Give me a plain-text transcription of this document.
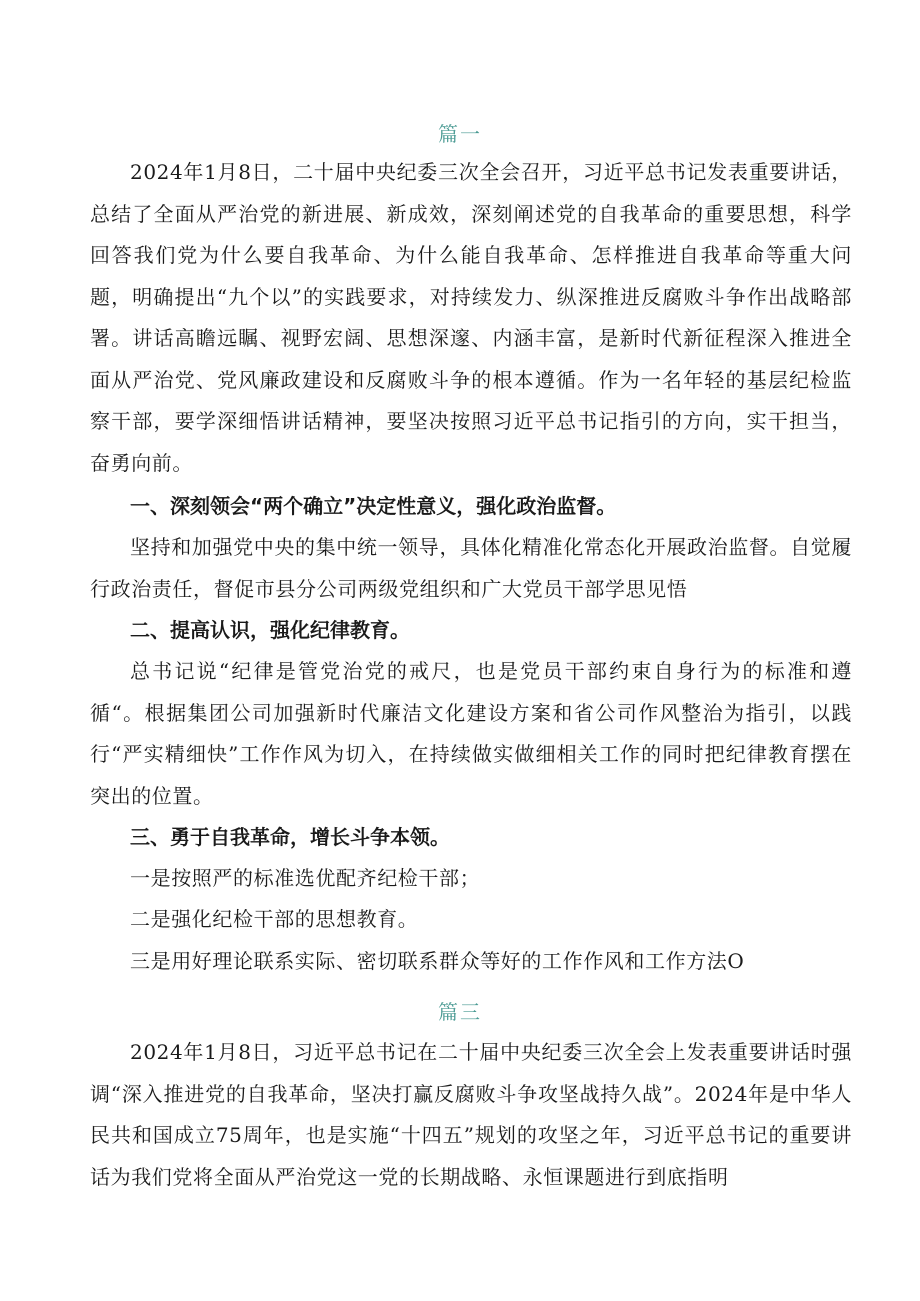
篇一

2024年1月8日，二十届中央纪委三次全会召开，习近平总书记发表重要讲话，总结了全面从严治党的新进展、新成效，深刻阐述党的自我革命的重要思想，科学回答我们党为什么要自我革命、为什么能自我革命、怎样推进自我革命等重大问题，明确提出“九个以”的实践要求，对持续发力、纵深推进反腐败斗争作出战略部署。讲话高瞻远瞩、视野宏阔、思想深邃、内涵丰富，是新时代新征程深入推进全面从严治党、党风廉政建设和反腐败斗争的根本遵循。作为一名年轻的基层纪检监察干部，要学深细悟讲话精神，要坚决按照习近平总书记指引的方向，实干担当，奋勇向前。

一、深刻领会“两个确立”决定性意义，强化政治监督。

坚持和加强党中央的集中统一领导，具体化精准化常态化开展政治监督。自觉履行政治责任，督促市县分公司两级党组织和广大党员干部学思见悟

二、提高认识，强化纪律教育。

总书记说“纪律是管党治党的戒尺，也是党员干部约束自身行为的标准和遵循“。根据集团公司加强新时代廉洁文化建设方案和省公司作风整治为指引，以践行“严实精细快”工作作风为切入，在持续做实做细相关工作的同时把纪律教育摆在突出的位置。

三、勇于自我革命，增长斗争本领。

一是按照严的标准选优配齐纪检干部；

二是强化纪检干部的思想教育。

三是用好理论联系实际、密切联系群众等好的工作作风和工作方法O

篇三

2024年1月8日，习近平总书记在二十届中央纪委三次全会上发表重要讲话时强调“深入推进党的自我革命，坚决打赢反腐败斗争攻坚战持久战”。2024年是中华人民共和国成立75周年，也是实施“十四五”规划的攻坚之年，习近平总书记的重要讲话为我们党将全面从严治党这一党的长期战略、永恒课题进行到底指明
